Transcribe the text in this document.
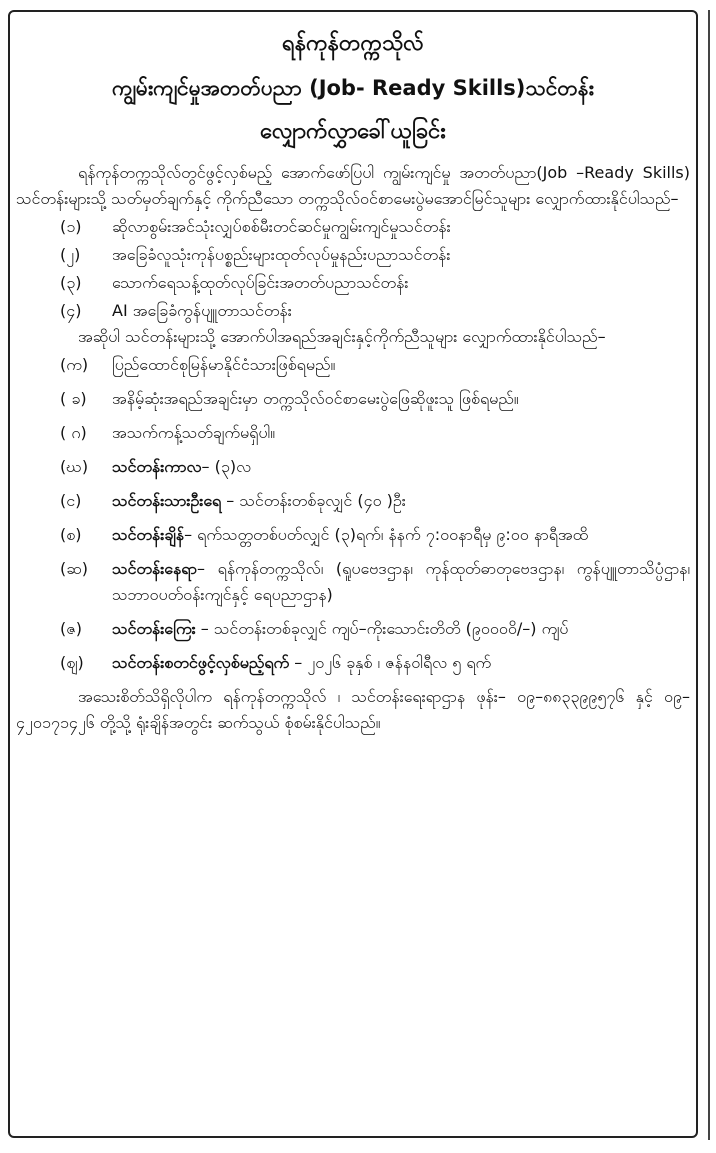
ရန်ကုန်တက္ကသိုလ်
ကျွမ်းကျင်မှုအတတ်ပညာ (Job- Ready Skills)သင်တန်း
လျှောက်လွှာခေါ်ယူခြင်း

ရန်ကုန်တက္ကသိုလ်တွင်ဖွင့်လှစ်မည့် အောက်ဖော်ပြပါ ကျွမ်းကျင်မှု အတတ်ပညာ(Job –Ready Skills) သင်တန်းများသို့ သတ်မှတ်ချက်နှင့် ကိုက်ညီသော တက္ကသိုလ်ဝင်စာမေးပွဲမအောင်မြင်သူများ လျှောက်ထားနိုင်ပါသည်–

(၁)	ဆိုလာစွမ်းအင်သုံးလျှပ်စစ်မီးတင်ဆင်မှုကျွမ်းကျင်မှုသင်တန်း
(၂)	အခြေခံလူသုံးကုန်ပစ္စည်းများထုတ်လုပ်မှုနည်းပညာသင်တန်း
(၃)	သောက်ရေသန့်ထုတ်လုပ်ခြင်းအတတ်ပညာသင်တန်း
(၄)	AI အခြေခံကွန်ပျူတာသင်တန်း

အဆိုပါ သင်တန်းများသို့ အောက်ပါအရည်အချင်းနှင့်ကိုက်ညီသူများ လျှောက်ထားနိုင်ပါသည်–

(က)	ပြည်ထောင်စုမြန်မာနိုင်ငံသားဖြစ်ရမည်။
( ခ)	အနိမ့်ဆုံးအရည်အချင်းမှာ တက္ကသိုလ်ဝင်စာမေးပွဲဖြေဆိုဖူးသူ ဖြစ်ရမည်။
( ဂ)	အသက်ကန့်သတ်ချက်မရှိပါ။
(ဃ)	သင်တန်းကာလ– (၃)လ
(င)	သင်တန်းသားဦးရေ – သင်တန်းတစ်ခုလျှင် (၄၀ )ဦး
(စ)	သင်တန်းချိန်– ရက်သတ္တတစ်ပတ်လျှင် (၃)ရက်၊ နံနက် ၇:၀၀နာရီမှ ၉:၀၀ နာရီအထိ
(ဆ)	သင်တန်းနေရာ– ရန်ကုန်တက္ကသိုလ်၊ (ရူပဗေဒဌာန၊ ကုန်ထုတ်ဓာတုဗေဒဌာန၊ ကွန်ပျူတာသိပ္ပံဌာန၊ သဘာဝပတ်ဝန်းကျင်နှင့် ရေပညာဌာန)
(ဇ)	သင်တန်းကြေး – သင်တန်းတစ်ခုလျှင် ကျပ်–ကိုးသောင်းတိတိ (၉၀၀၀၀ိ/–) ကျပ်
(ဈ)	သင်တန်းစတင်ဖွင့်လှစ်မည့်ရက် – ၂၀၂၆ ခုနှစ် ၊ ဇန်နဝါရီလ ၅ ရက်

အသေးစိတ်သိရှိလိုပါက ရန်ကုန်တက္ကသိုလ် ၊ သင်တန်းရေးရာဌာန ဖုန်း– ၀၉–၈၈၃၃၉၉၅၇၆ နှင့် ၀၉–၄၂၀၁၇၁၄၂၆ တို့သို့ ရုံးချိန်အတွင်း ဆက်သွယ် စုံစမ်းနိုင်ပါသည်။
